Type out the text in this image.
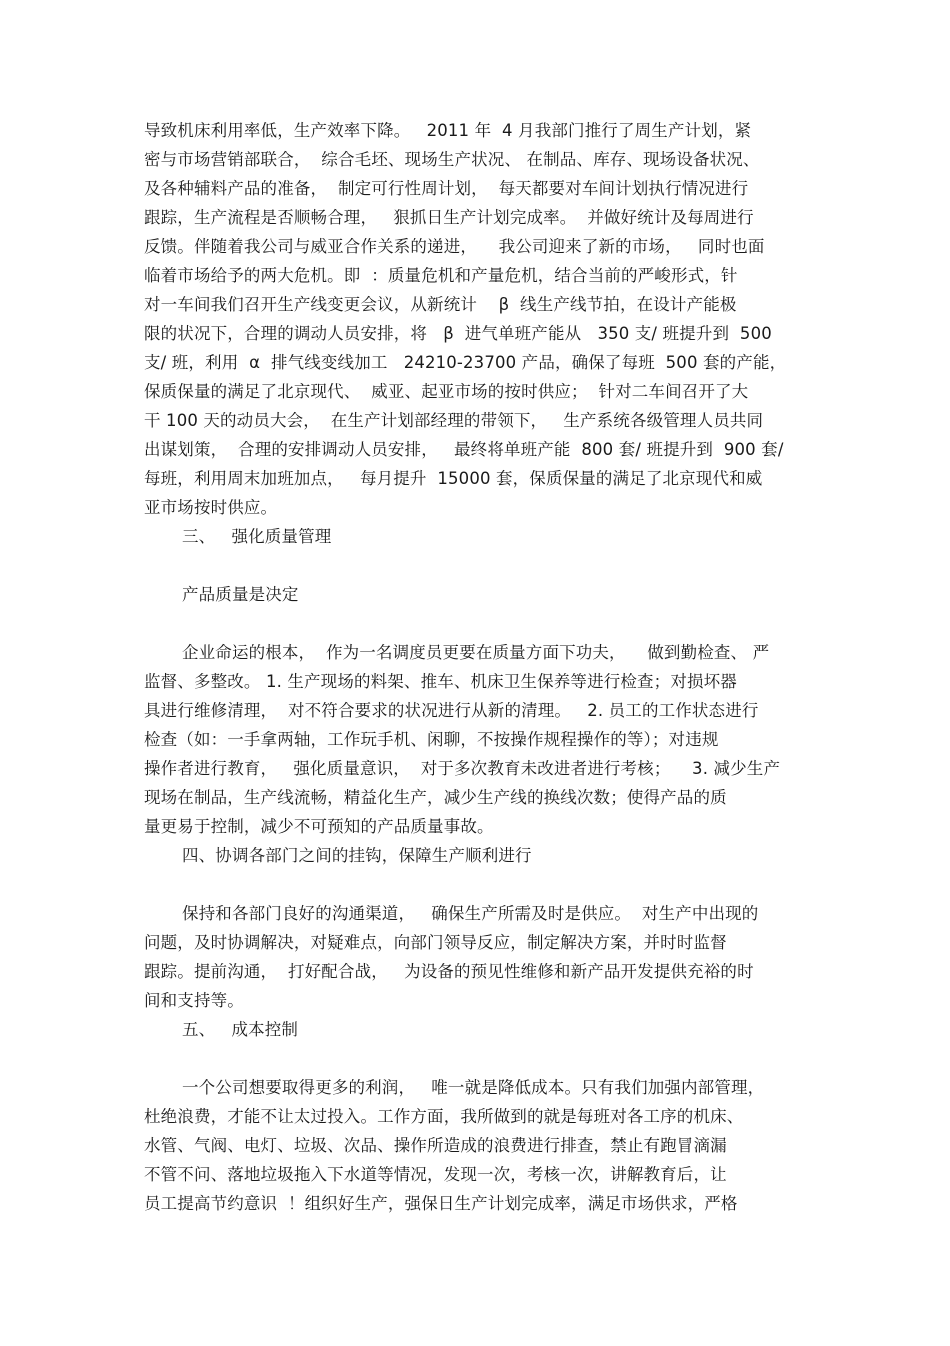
导致机床利用率低，生产效率下降。   2011 年  4 月我部门推行了周生产计划，紧
密与市场营销部联合，  综合毛坯、现场生产状况、 在制品、库存、现场设备状况、
及各种辅料产品的准备，  制定可行性周计划，  每天都要对车间计划执行情况进行
跟踪，生产流程是否顺畅合理，   狠抓日生产计划完成率。  并做好统计及每周进行
反馈。伴随着我公司与威亚合作关系的递进，    我公司迎来了新的市场，   同时也面
临着市场给予的两大危机。即  ：质量危机和产量危机，结合当前的严峻形式，针
对一车间我们召开生产线变更会议，从新统计    β  线生产线节拍，在设计产能极
限的状况下，合理的调动人员安排，将   β  进气单班产能从   350 支/ 班提升到  500
支/ 班，利用  α  排气线变线加工   24210-23700 产品，确保了每班  500 套的产能，
保质保量的满足了北京现代、  威亚、起亚市场的按时供应；  针对二车间召开了大
干 100 天的动员大会，  在生产计划部经理的带领下，   生产系统各级管理人员共同
出谋划策，  合理的安排调动人员安排，   最终将单班产能  800 套/ 班提升到  900 套/
每班，利用周末加班加点，   每月提升  15000 套，保质保量的满足了北京现代和威
亚市场按时供应。
三、   强化质量管理
产品质量是决定
企业命运的根本，  作为一名调度员更要在质量方面下功夫，    做到勤检查、 严
监督、多整改。 1. 生产现场的料架、推车、机床卫生保养等进行检查；对损坏器
具进行维修清理，  对不符合要求的状况进行从新的清理。   2. 员工的工作状态进行
检查（如：一手拿两轴，工作玩手机、闲聊，不按操作规程操作的等）；对违规
操作者进行教育，   强化质量意识，  对于多次教育未改进者进行考核；    3. 减少生产
现场在制品，生产线流畅，精益化生产，减少生产线的换线次数；使得产品的质
量更易于控制，减少不可预知的产品质量事故。
四、协调各部门之间的挂钩，保障生产顺利进行
保持和各部门良好的沟通渠道，   确保生产所需及时是供应。  对生产中出现的
问题，及时协调解决，对疑难点，向部门领导反应，制定解决方案，并时时监督
跟踪。提前沟通，  打好配合战，   为设备的预见性维修和新产品开发提供充裕的时
间和支持等。
五、   成本控制
一个公司想要取得更多的利润，   唯一就是降低成本。只有我们加强内部管理，
杜绝浪费，才能不让太过投入。工作方面，我所做到的就是每班对各工序的机床、
水管、气阀、电灯、垃圾、次品、操作所造成的浪费进行排查，禁止有跑冒滴漏
不管不问、落地垃圾拖入下水道等情况，发现一次，考核一次，讲解教育后，让
员工提高节约意识  ！组织好生产，强保日生产计划完成率，满足市场供求，严格
